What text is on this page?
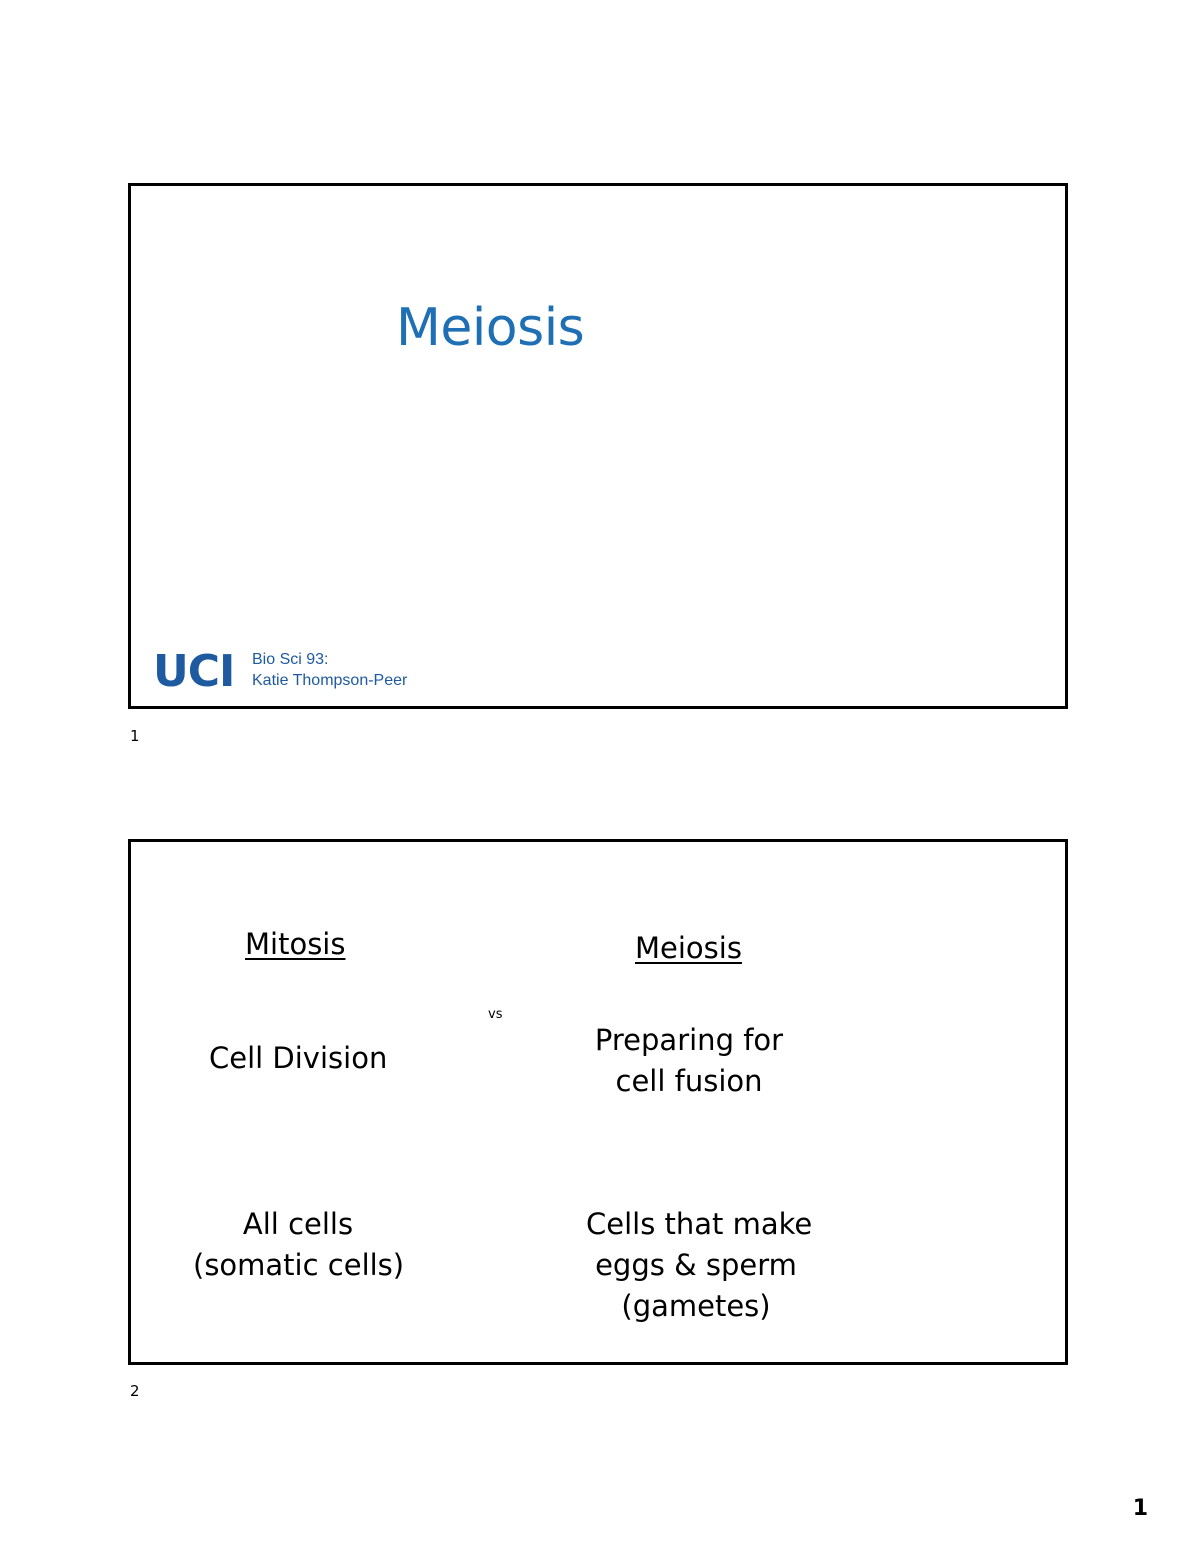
Meiosis
UCI Bio Sci 93:
Katie Thompson-Peer
1
Mitosis	Meiosis
vs
Cell Division
Preparing for
cell fusion
All cells
(somatic cells)
Cells that make
eggs & sperm
(gametes)
2
1
